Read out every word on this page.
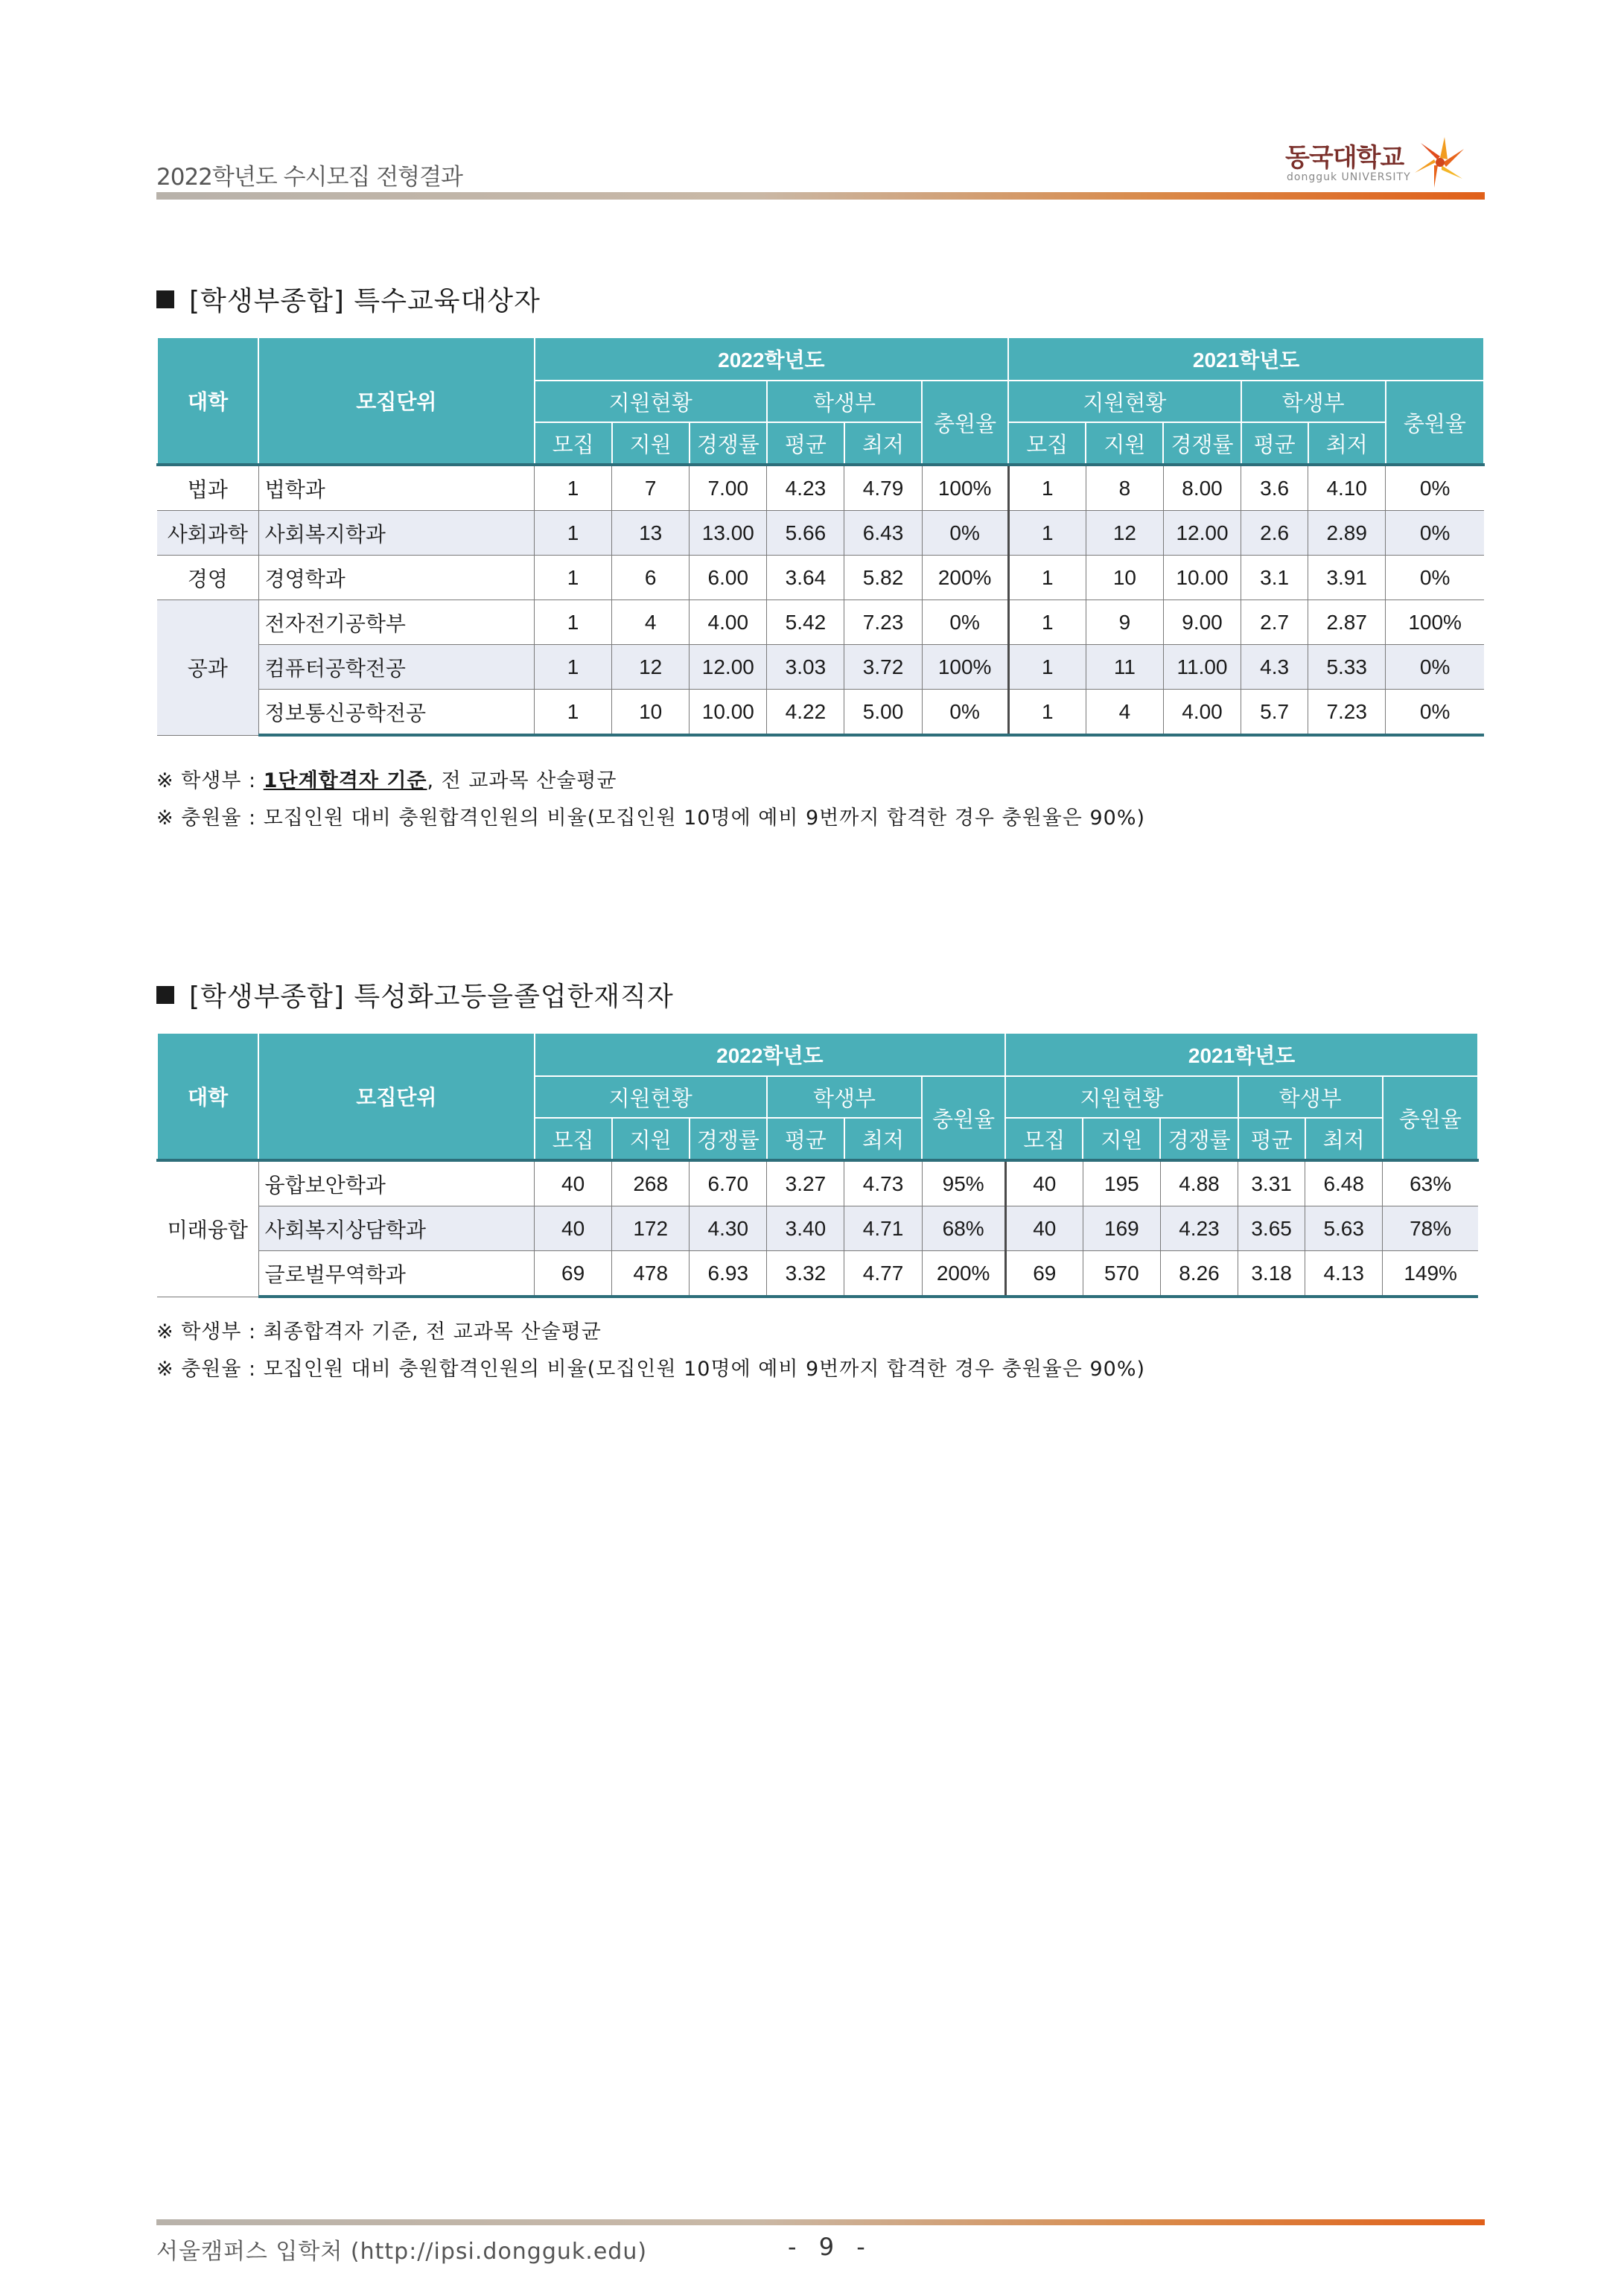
2022학년도 수시모집 전형결과
동국대학교
dongguk UNIVERSITY
[학생부종합] 특수교육대상자
대학	모집단위	2022학년도						2021학년도					
		지원현황			학생부		충원율	지원현황			학생부		충원율
		모집	지원	경쟁률	평균	최저		모집	지원	경쟁률	평균	최저	
법과	법학과	1	7	7.00	4.23	4.79	100%	1	8	8.00	3.6	4.10	0%
사회과학	사회복지학과	1	13	13.00	5.66	6.43	0%	1	12	12.00	2.6	2.89	0%
경영	경영학과	1	6	6.00	3.64	5.82	200%	1	10	10.00	3.1	3.91	0%
공과	전자전기공학부	1	4	4.00	5.42	7.23	0%	1	9	9.00	2.7	2.87	100%
	컴퓨터공학전공	1	12	12.00	3.03	3.72	100%	1	11	11.00	4.3	5.33	0%
	정보통신공학전공	1	10	10.00	4.22	5.00	0%	1	4	4.00	5.7	7.23	0%
※ 학생부 : 1단계합격자 기준, 전 교과목 산술평균
※ 충원율 : 모집인원 대비 충원합격인원의 비율(모집인원 10명에 예비 9번까지 합격한 경우 충원율은 90%)
[학생부종합] 특성화고등을졸업한재직자
대학	모집단위	2022학년도						2021학년도					
		지원현황			학생부		충원율	지원현황			학생부		충원율
		모집	지원	경쟁률	평균	최저		모집	지원	경쟁률	평균	최저	
미래융합	융합보안학과	40	268	6.70	3.27	4.73	95%	40	195	4.88	3.31	6.48	63%
	사회복지상담학과	40	172	4.30	3.40	4.71	68%	40	169	4.23	3.65	5.63	78%
	글로벌무역학과	69	478	6.93	3.32	4.77	200%	69	570	8.26	3.18	4.13	149%
※ 학생부 : 최종합격자 기준, 전 교과목 산술평균
※ 충원율 : 모집인원 대비 충원합격인원의 비율(모집인원 10명에 예비 9번까지 합격한 경우 충원율은 90%)
서울캠퍼스 입학처 (http://ipsi.dongguk.edu)	- 9 -
